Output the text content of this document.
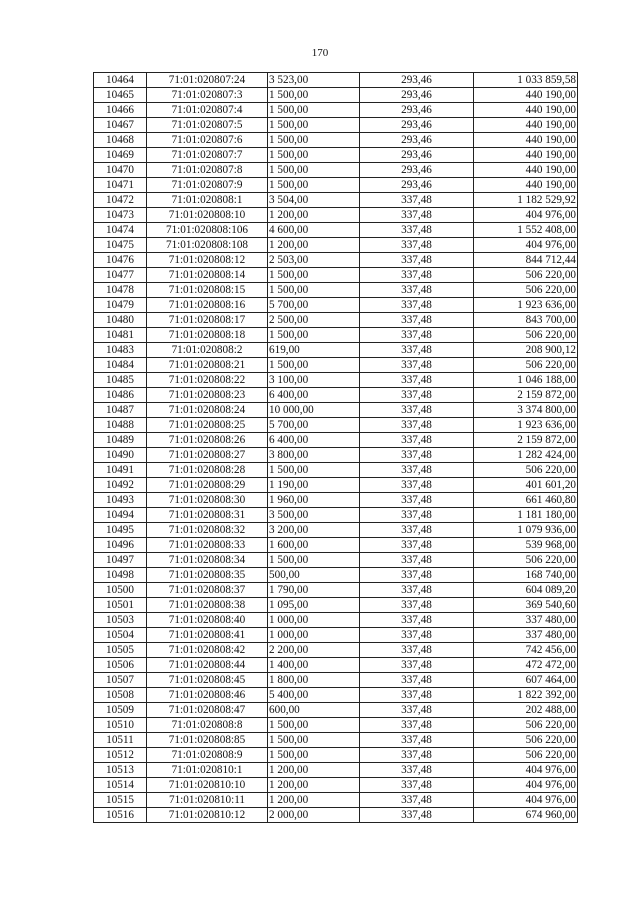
170
10464	71:01:020807:24	3 523,00	293,46	1 033 859,58
10465	71:01:020807:3	1 500,00	293,46	440 190,00
10466	71:01:020807:4	1 500,00	293,46	440 190,00
10467	71:01:020807:5	1 500,00	293,46	440 190,00
10468	71:01:020807:6	1 500,00	293,46	440 190,00
10469	71:01:020807:7	1 500,00	293,46	440 190,00
10470	71:01:020807:8	1 500,00	293,46	440 190,00
10471	71:01:020807:9	1 500,00	293,46	440 190,00
10472	71:01:020808:1	3 504,00	337,48	1 182 529,92
10473	71:01:020808:10	1 200,00	337,48	404 976,00
10474	71:01:020808:106	4 600,00	337,48	1 552 408,00
10475	71:01:020808:108	1 200,00	337,48	404 976,00
10476	71:01:020808:12	2 503,00	337,48	844 712,44
10477	71:01:020808:14	1 500,00	337,48	506 220,00
10478	71:01:020808:15	1 500,00	337,48	506 220,00
10479	71:01:020808:16	5 700,00	337,48	1 923 636,00
10480	71:01:020808:17	2 500,00	337,48	843 700,00
10481	71:01:020808:18	1 500,00	337,48	506 220,00
10483	71:01:020808:2	619,00	337,48	208 900,12
10484	71:01:020808:21	1 500,00	337,48	506 220,00
10485	71:01:020808:22	3 100,00	337,48	1 046 188,00
10486	71:01:020808:23	6 400,00	337,48	2 159 872,00
10487	71:01:020808:24	10 000,00	337,48	3 374 800,00
10488	71:01:020808:25	5 700,00	337,48	1 923 636,00
10489	71:01:020808:26	6 400,00	337,48	2 159 872,00
10490	71:01:020808:27	3 800,00	337,48	1 282 424,00
10491	71:01:020808:28	1 500,00	337,48	506 220,00
10492	71:01:020808:29	1 190,00	337,48	401 601,20
10493	71:01:020808:30	1 960,00	337,48	661 460,80
10494	71:01:020808:31	3 500,00	337,48	1 181 180,00
10495	71:01:020808:32	3 200,00	337,48	1 079 936,00
10496	71:01:020808:33	1 600,00	337,48	539 968,00
10497	71:01:020808:34	1 500,00	337,48	506 220,00
10498	71:01:020808:35	500,00	337,48	168 740,00
10500	71:01:020808:37	1 790,00	337,48	604 089,20
10501	71:01:020808:38	1 095,00	337,48	369 540,60
10503	71:01:020808:40	1 000,00	337,48	337 480,00
10504	71:01:020808:41	1 000,00	337,48	337 480,00
10505	71:01:020808:42	2 200,00	337,48	742 456,00
10506	71:01:020808:44	1 400,00	337,48	472 472,00
10507	71:01:020808:45	1 800,00	337,48	607 464,00
10508	71:01:020808:46	5 400,00	337,48	1 822 392,00
10509	71:01:020808:47	600,00	337,48	202 488,00
10510	71:01:020808:8	1 500,00	337,48	506 220,00
10511	71:01:020808:85	1 500,00	337,48	506 220,00
10512	71:01:020808:9	1 500,00	337,48	506 220,00
10513	71:01:020810:1	1 200,00	337,48	404 976,00
10514	71:01:020810:10	1 200,00	337,48	404 976,00
10515	71:01:020810:11	1 200,00	337,48	404 976,00
10516	71:01:020810:12	2 000,00	337,48	674 960,00
